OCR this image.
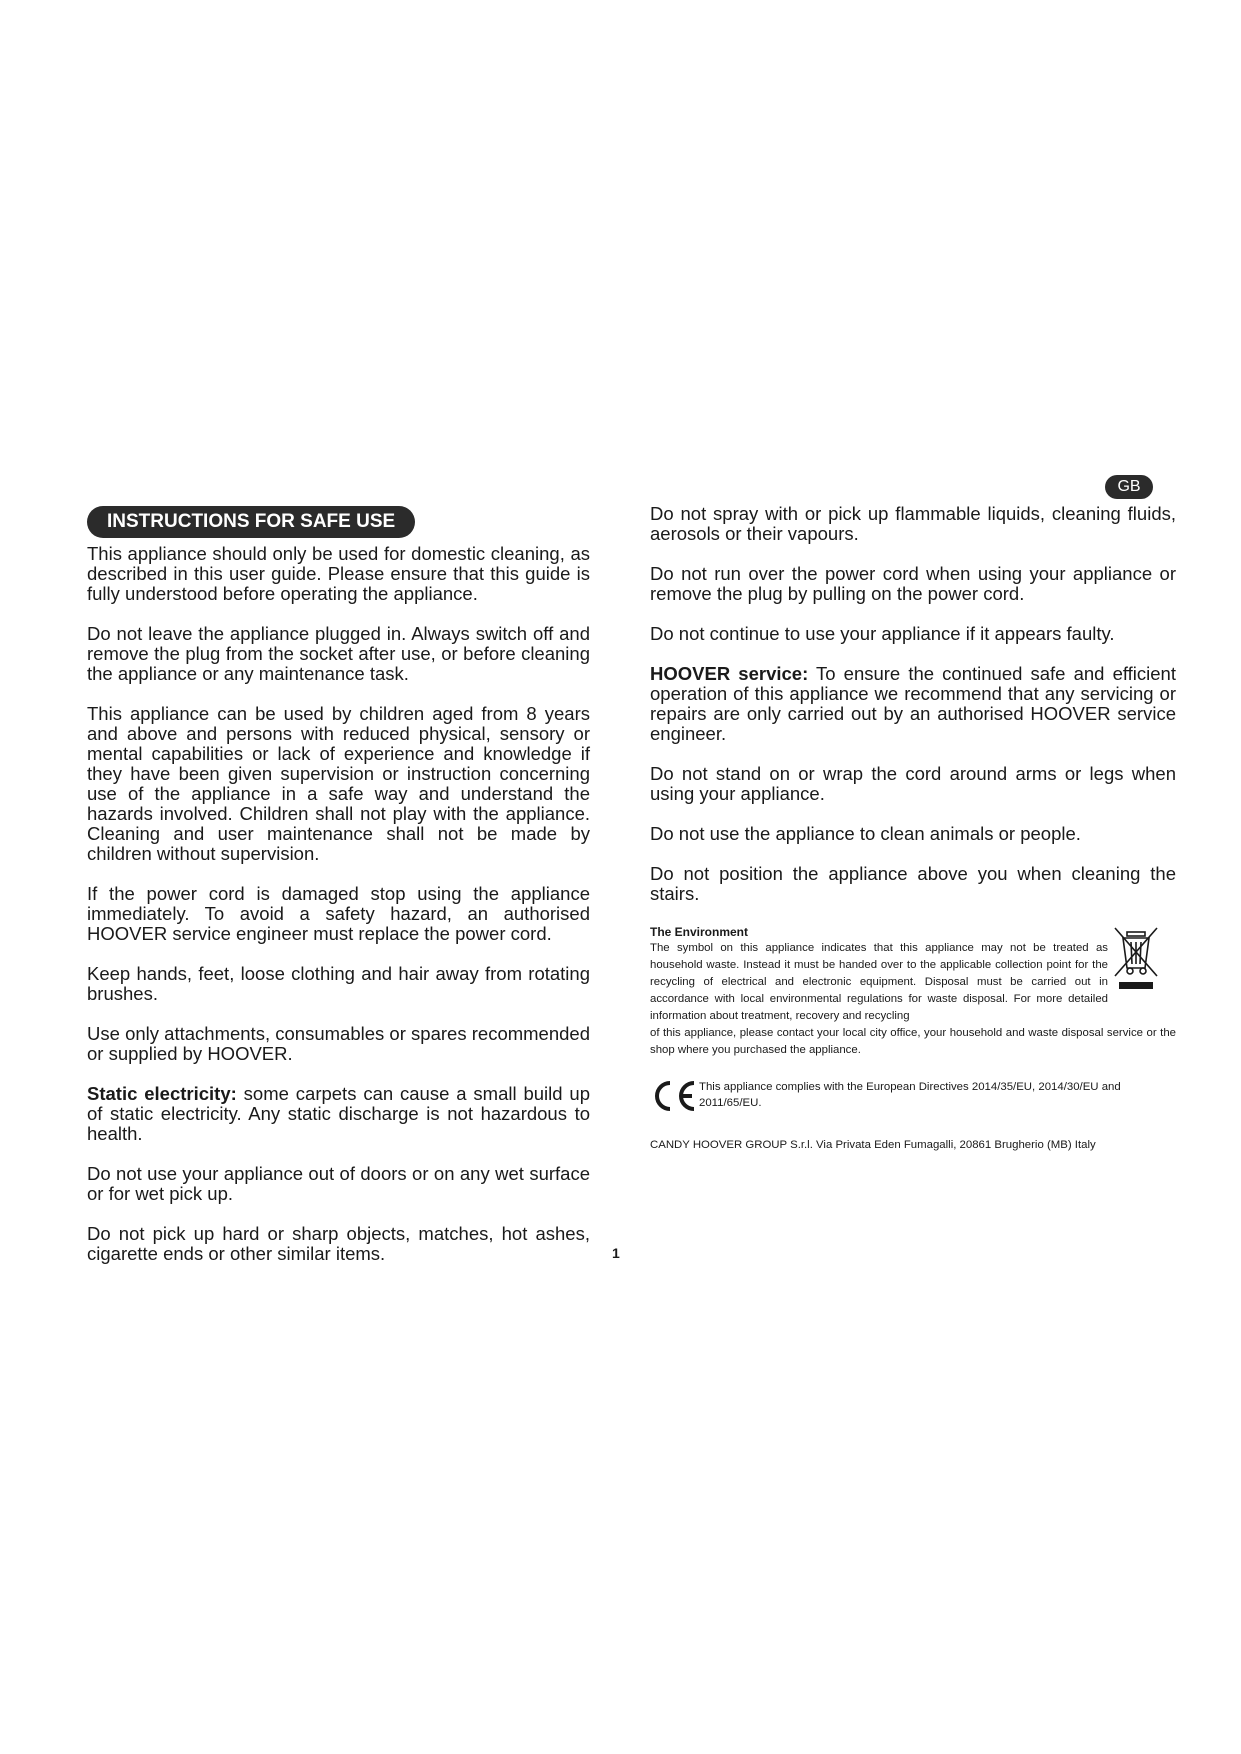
INSTRUCTIONS FOR SAFE USE
GB

This appliance should only be used for domestic cleaning, as described in this user guide. Please ensure that this guide is fully understood before operating the appliance.

Do not leave the appliance plugged in. Always switch off and remove the plug from the socket after use, or before cleaning the appliance or any maintenance task.

This appliance can be used by children aged from 8 years and above and persons with reduced physical, sensory or mental capabilities or lack of experience and knowledge if they have been given supervision or instruction concerning use of the appliance in a safe way and understand the hazards involved. Children shall not play with the appliance. Cleaning and user maintenance shall not be made by children without supervision.

If the power cord is damaged stop using the appliance immediately. To avoid a safety hazard, an authorised HOOVER service engineer must replace the power cord.

Keep hands, feet, loose clothing and hair away from rotating brushes.

Use only attachments, consumables or spares recommended or supplied by HOOVER.

Static electricity: some carpets can cause a small build up of static electricity. Any static discharge is not hazardous to health.

Do not use your appliance out of doors or on any wet surface or for wet pick up.

Do not pick up hard or sharp objects, matches, hot ashes, cigarette ends or other similar items.

Do not spray with or pick up flammable liquids, cleaning fluids, aerosols or their vapours.

Do not run over the power cord when using your appliance or remove the plug by pulling on the power cord.

Do not continue to use your appliance if it appears faulty.

HOOVER service: To ensure the continued safe and efficient operation of this appliance we recommend that any servicing or repairs are only carried out by an authorised HOOVER service engineer.

Do not stand on or wrap the cord around arms or legs when using your appliance.

Do not use the appliance to clean animals or people.

Do not position the appliance above you when cleaning the stairs.

The Environment

The symbol on this appliance indicates that this appliance may not be treated as household waste. Instead it must be handed over to the applicable collection point for the recycling of electrical and electronic equipment. Disposal must be carried out in accordance with local environmental regulations for waste disposal. For more detailed information about treatment, recovery and recycling

of this appliance, please contact your local city office, your household and waste disposal service or the shop where you purchased the appliance.

This appliance complies with the European Directives 2014/35/EU, 2014/30/EU and 2011/65/EU.
CANDY HOOVER GROUP S.r.l. Via Privata Eden Fumagalli, 20861 Brugherio (MB) Italy
1
